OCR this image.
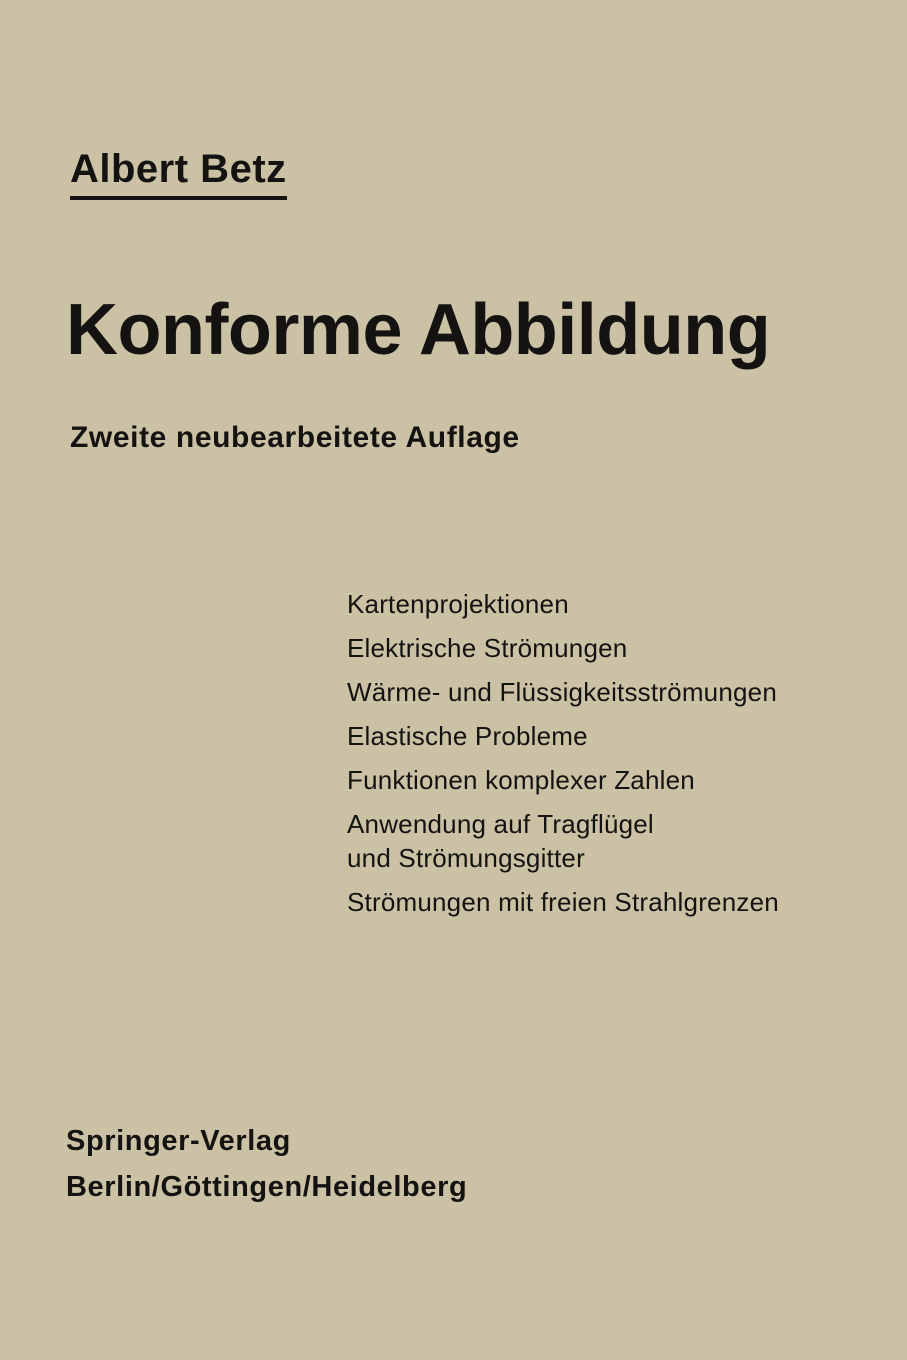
Albert Betz
Konforme Abbildung
Zweite neubearbeitete Auflage
Kartenprojektionen
Elektrische Strömungen
Wärme- und Flüssigkeitsströmungen
Elastische Probleme
Funktionen komplexer Zahlen
Anwendung auf Tragflügel
und Strömungsgitter
Strömungen mit freien Strahlgrenzen
Springer-Verlag
Berlin/Göttingen/Heidelberg
